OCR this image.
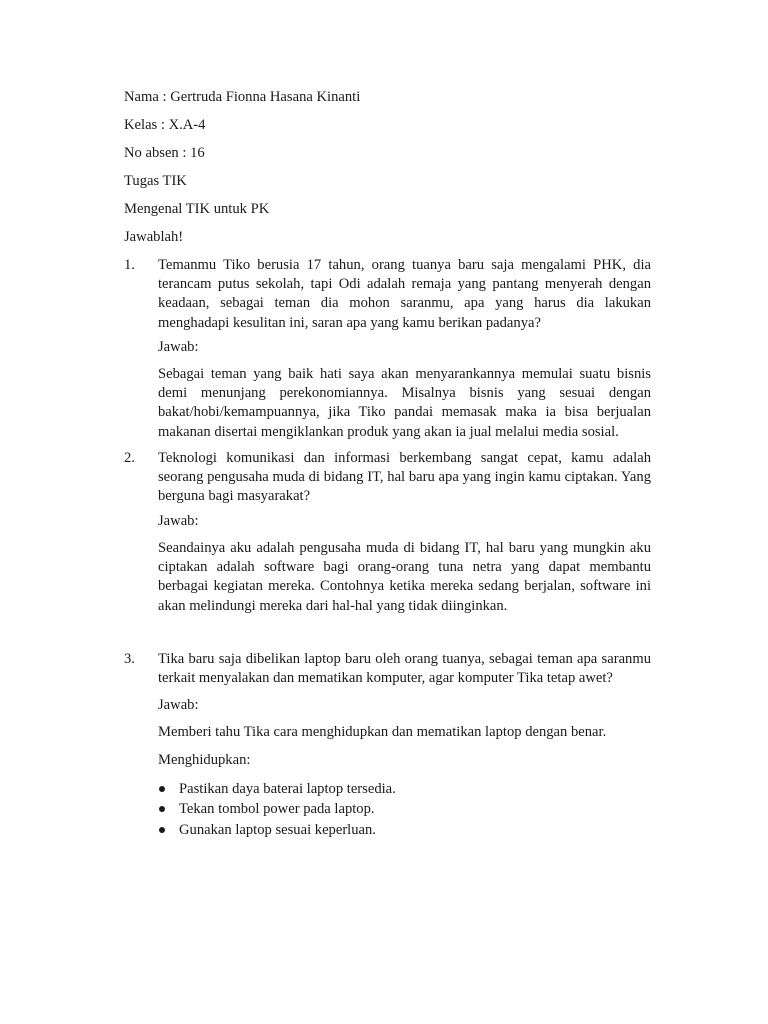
Nama : Gertruda Fionna Hasana Kinanti
Kelas : X.A-4
No absen : 16
Tugas TIK
Mengenal TIK untuk PK
Jawablah!
1. Temanmu Tiko berusia 17 tahun, orang tuanya baru saja mengalami PHK, dia terancam putus sekolah, tapi Odi adalah remaja yang pantang menyerah dengan keadaan, sebagai teman dia mohon saranmu, apa yang harus dia lakukan menghadapi kesulitan ini, saran apa yang kamu berikan padanya?
Jawab:
Sebagai teman yang baik hati saya akan menyarankannya memulai suatu bisnis demi menunjang perekonomiannya. Misalnya bisnis yang sesuai dengan bakat/hobi/kemampuannya, jika Tiko pandai memasak maka ia bisa berjualan makanan disertai mengiklankan produk yang akan ia jual melalui media sosial.
2. Teknologi komunikasi dan informasi berkembang sangat cepat, kamu adalah seorang pengusaha muda di bidang IT, hal baru apa yang ingin kamu ciptakan. Yang berguna bagi masyarakat?
Jawab:
Seandainya aku adalah pengusaha muda di bidang IT, hal baru yang mungkin aku ciptakan adalah software bagi orang-orang tuna netra yang dapat membantu berbagai kegiatan mereka. Contohnya ketika mereka sedang berjalan, software ini akan melindungi mereka dari hal-hal yang tidak diinginkan.
3. Tika baru saja dibelikan laptop baru oleh orang tuanya, sebagai teman apa saranmu terkait menyalakan dan mematikan komputer, agar komputer Tika tetap awet?
Jawab:
Memberi tahu Tika cara menghidupkan dan mematikan laptop dengan benar.
Menghidupkan:
Pastikan daya baterai laptop tersedia.
Tekan tombol power pada laptop.
Gunakan laptop sesuai keperluan.
